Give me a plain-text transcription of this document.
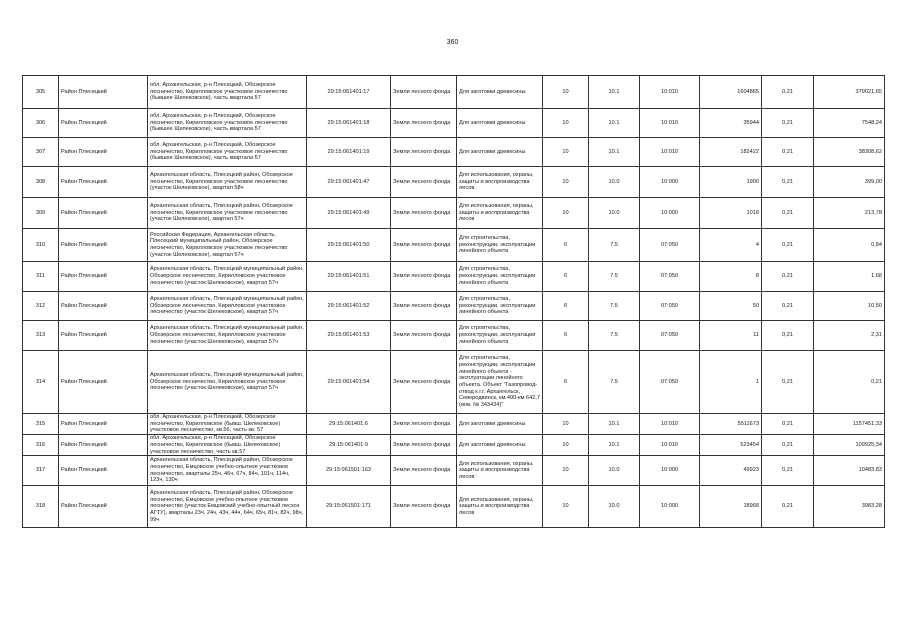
360
305	Район Плесецкий	обл. Архангельская, р-н Плесецкий, Обозерское лесничество, Кирилловское участковое лесничество (бывшее Шелековское), часть квартала 57	29:15:061401:17	Земли лесного фонда	Для заготовки древесины	10	10.1	10:010	1604865	0,21	379021,65
306	Район Плесецкий	обл. Архангельская, р-н Плесецкий, Обозерское лесничество, Кирилловское участковое лесничество (бывшее Шелековское), часть квартала 57	29:15:061401:18	Земли лесного фонда	Для заготовки древесины	10	10.1	10:010	35944	0,21	7548,24
307	Район Плесецкий	обл. Архангельская, р-н Плесецкий, Обозерское лесничество, Кирилловское участковое лесничество (бывшее Шелековское), часть квартала 57	29:15:061401:19	Земли лесного фонда	Для заготовки древесины	10	10.1	10:010	182422	0,21	38308,62
308	Район Плесецкий	Архангельская область, Плесецкий район, Обозерское лесничество, Кирилловское участковое лесничество (участок Шелековское), квартал 58ч	29:15:061401:47	Земли лесного фонда	Для использования, охраны, защиты и воспроизводства лесов	10	10.0	10:000	1900	0,21	399,00
309	Район Плесецкий	Архангельская область, Плесецкий район, Обозерское лесничество, Кирилловское участковое лесничество (участок Шелековское), квартал 57ч	29:15:061401:49	Земли лесного фонда	Для использования, охраны, защиты и воспроизводства лесов	10	10.0	10:000	1018	0,21	213,78
310	Район Плесецкий	Российская Федерация, Архангельская область, Плесецкий муниципальный район, Обозерское лесничество, Кирилловское участковое лесничество (участок Шелековское), квартал 57ч	29:15:061401:50	Земли лесного фонда	Для строительства, реконструкции, эксплуатации линейного объекта	6	7.5	07:050	4	0,21	0,84
311	Район Плесецкий	Архангельская область, Плесецкий муниципальный район, Обозерское лесничество, Кирилловское участковое лесничество (участок Шелековское), квартал 57ч	29:15:061401:51	Земли лесного фонда	Для строительства, реконструкции, эксплуатации линейного объекта	6	7.5	07:050	8	0,21	1,68
312	Район Плесецкий	Архангельская область, Плесецкий муниципальный район, Обозерское лесничество, Кирилловское участковое лесничество (участок Шелековское), квартал 57ч	29:15:061401:52	Земли лесного фонда	Для строительства, реконструкции, эксплуатации линейного объекта	6	7.5	07:050	50	0,21	10,50
313	Район Плесецкий	Архангельская область, Плесецкий муниципальный район, Обозерское лесничество, Кирилловское участковое лесничество (участок Шелековское), квартал 57ч	29:15:061401:53	Земли лесного фонда	Для строительства, реконструкции, эксплуатации линейного объекта	6	7.5	07:050	11	0,21	2,31
314	Район Плесецкий	Архангельская область, Плесецкий муниципальный район, Обозерское лесничество, Кирилловское участковое лесничество (участок Шелековское), квартал 57ч	29:15:061401:54	Земли лесного фонда	Для строительства, реконструкции, эксплуатации линейного объекта - эксплуатации линейного объекта. Объект "Газопровод-отвод к г.г. Архангельск, Северодвинск, км.400-км 642,7 (инв. № 343434)"	6	7.5	07:050	1	0,21	0,21
315	Район Плесецкий	обл. Архангельская, р-н Плесецкий, Обозерское лесничество, Кирилловское (бывш. Шелековское) участковое лесничество, кв.56, часть кв. 57	29:15:061401:6	Земли лесного фонда	Для заготовки древесины	10	10.1	10:010	5511673	0,21	1157451,33
316	Район Плесецкий	обл. Архангельская, р-н Плесецкий, Обозерское лесничество, Кирилловское (бывш. Шелековское) участковое лесничество, часть кв.57	29:15:061401:9	Земли лесного фонда	Для заготовки древесины	10	10.1	10:010	523454	0,21	109925,34
317	Район Плесецкий	Архангельская область, Плесецкий район, Обозерское лесничество, Емцовское учебно-опытное участковое лесничество, кварталы 25ч, 46ч, 67ч, 84ч, 101ч, 114ч, 123ч, 130ч	29:15:061501:163	Земли лесного фонда	Для использования, охраны, защиты и воспроизводства лесов	10	10.0	10:000	49923	0,21	10483,83
318	Район Плесецкий	Архангельская область, Плесецкий район, Обозерское лесничество, Емцовское учебно-опытное участковое лесничество (участок Емцовский учебно-опытный лесхоз АГТУ), кварталы 23ч, 24ч, 43ч, 44ч, 64ч, 65ч, 81ч, 82ч, 98ч, 99ч	29:15:061501:171	Земли лесного фонда	Для использования, охраны, защиты и воспроизводства лесов	10	10.0	10:000	18968	0,21	3983,28
